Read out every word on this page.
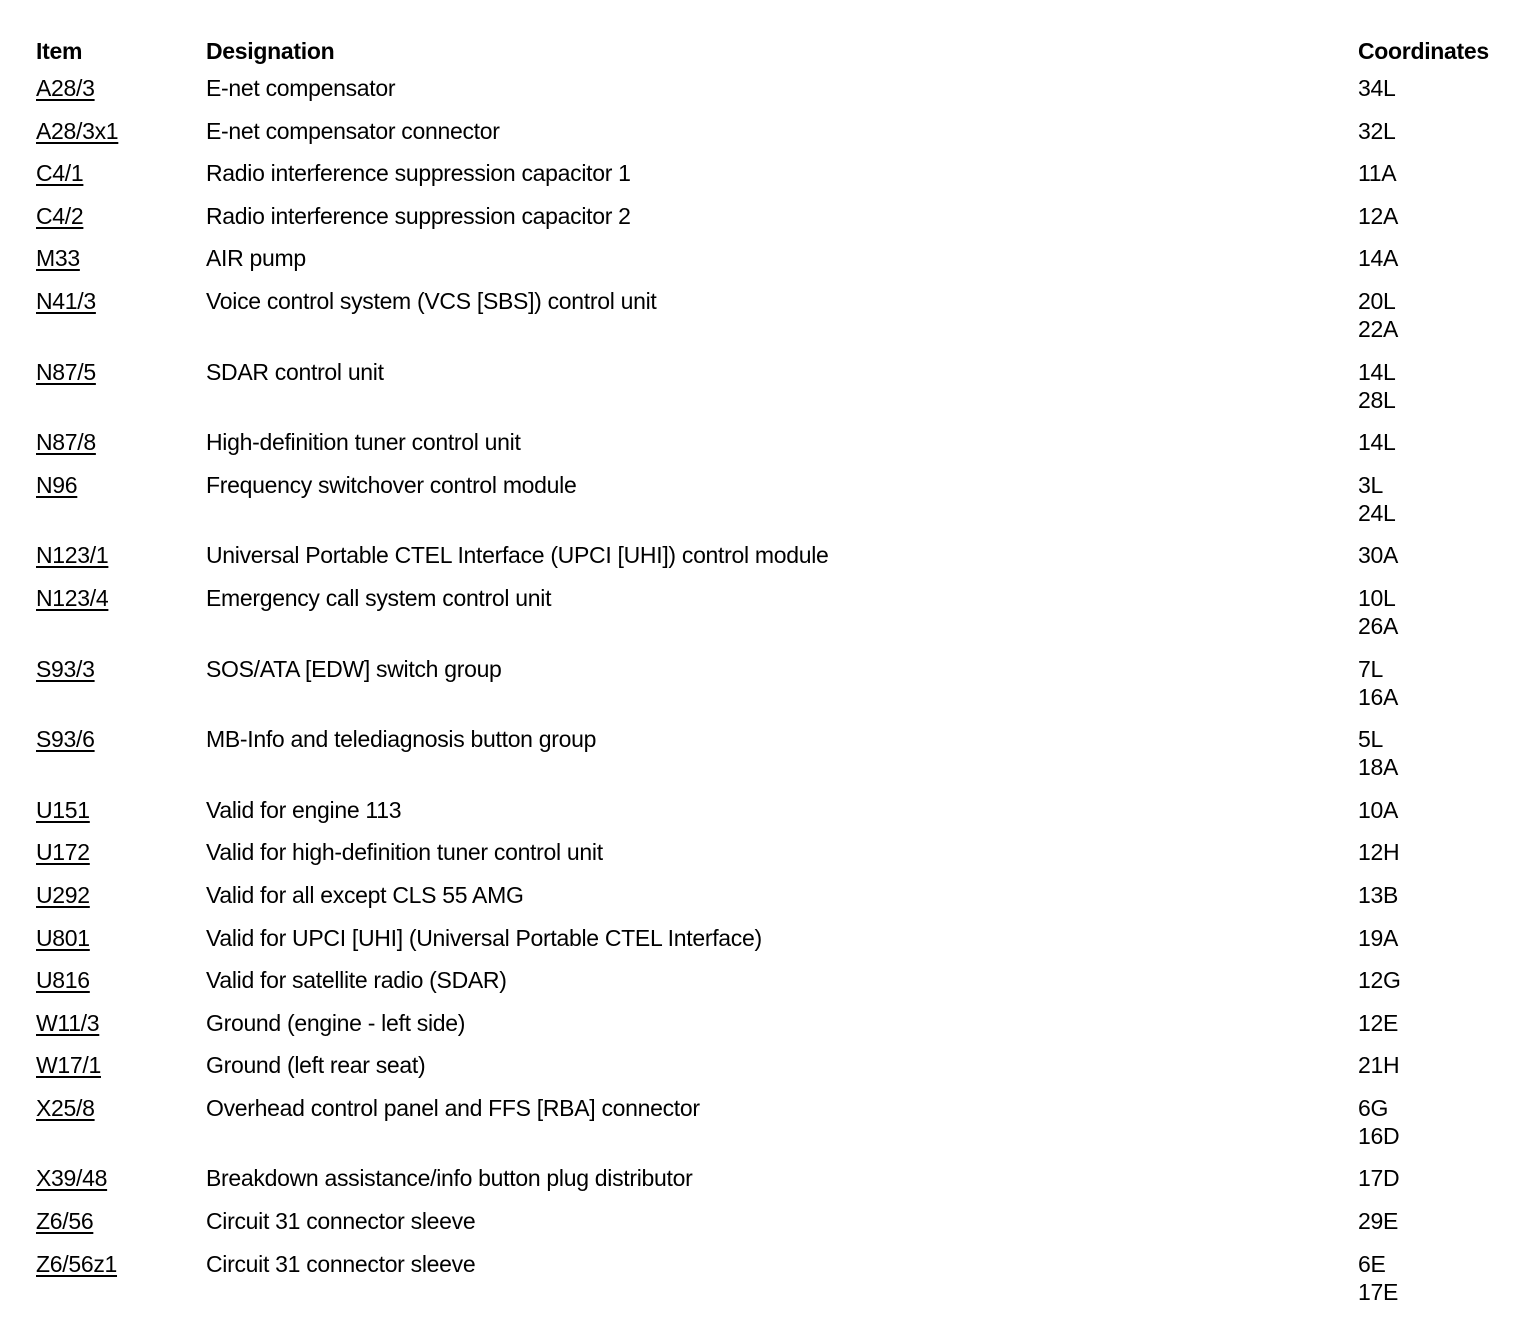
Item	Designation	Coordinates
A28/3	E-net compensator	34L

A28/3x1	E-net compensator connector	32L

C4/1	Radio interference suppression capacitor 1	11A

C4/2	Radio interference suppression capacitor 2	12A

M33	AIR pump	14A

N41/3	Voice control system (VCS [SBS]) control unit	20L
22A

N87/5	SDAR control unit	14L
28L

N87/8	High-definition tuner control unit	14L

N96	Frequency switchover control module	3L
24L

N123/1	Universal Portable CTEL Interface (UPCI [UHI]) control module	30A

N123/4	Emergency call system control unit	10L
26A

S93/3	SOS/ATA [EDW] switch group	7L
16A

S93/6	MB-Info and telediagnosis button group	5L
18A

U151	Valid for engine 113	10A

U172	Valid for high-definition tuner control unit	12H

U292	Valid for all except CLS 55 AMG	13B

U801	Valid for UPCI [UHI] (Universal Portable CTEL Interface)	19A

U816	Valid for satellite radio (SDAR)	12G

W11/3	Ground (engine - left side)	12E

W17/1	Ground (left rear seat)	21H

X25/8	Overhead control panel and FFS [RBA] connector	6G
16D

X39/48	Breakdown assistance/info button plug distributor	17D

Z6/56	Circuit 31 connector sleeve	29E

Z6/56z1	Circuit 31 connector sleeve	6E
17E
